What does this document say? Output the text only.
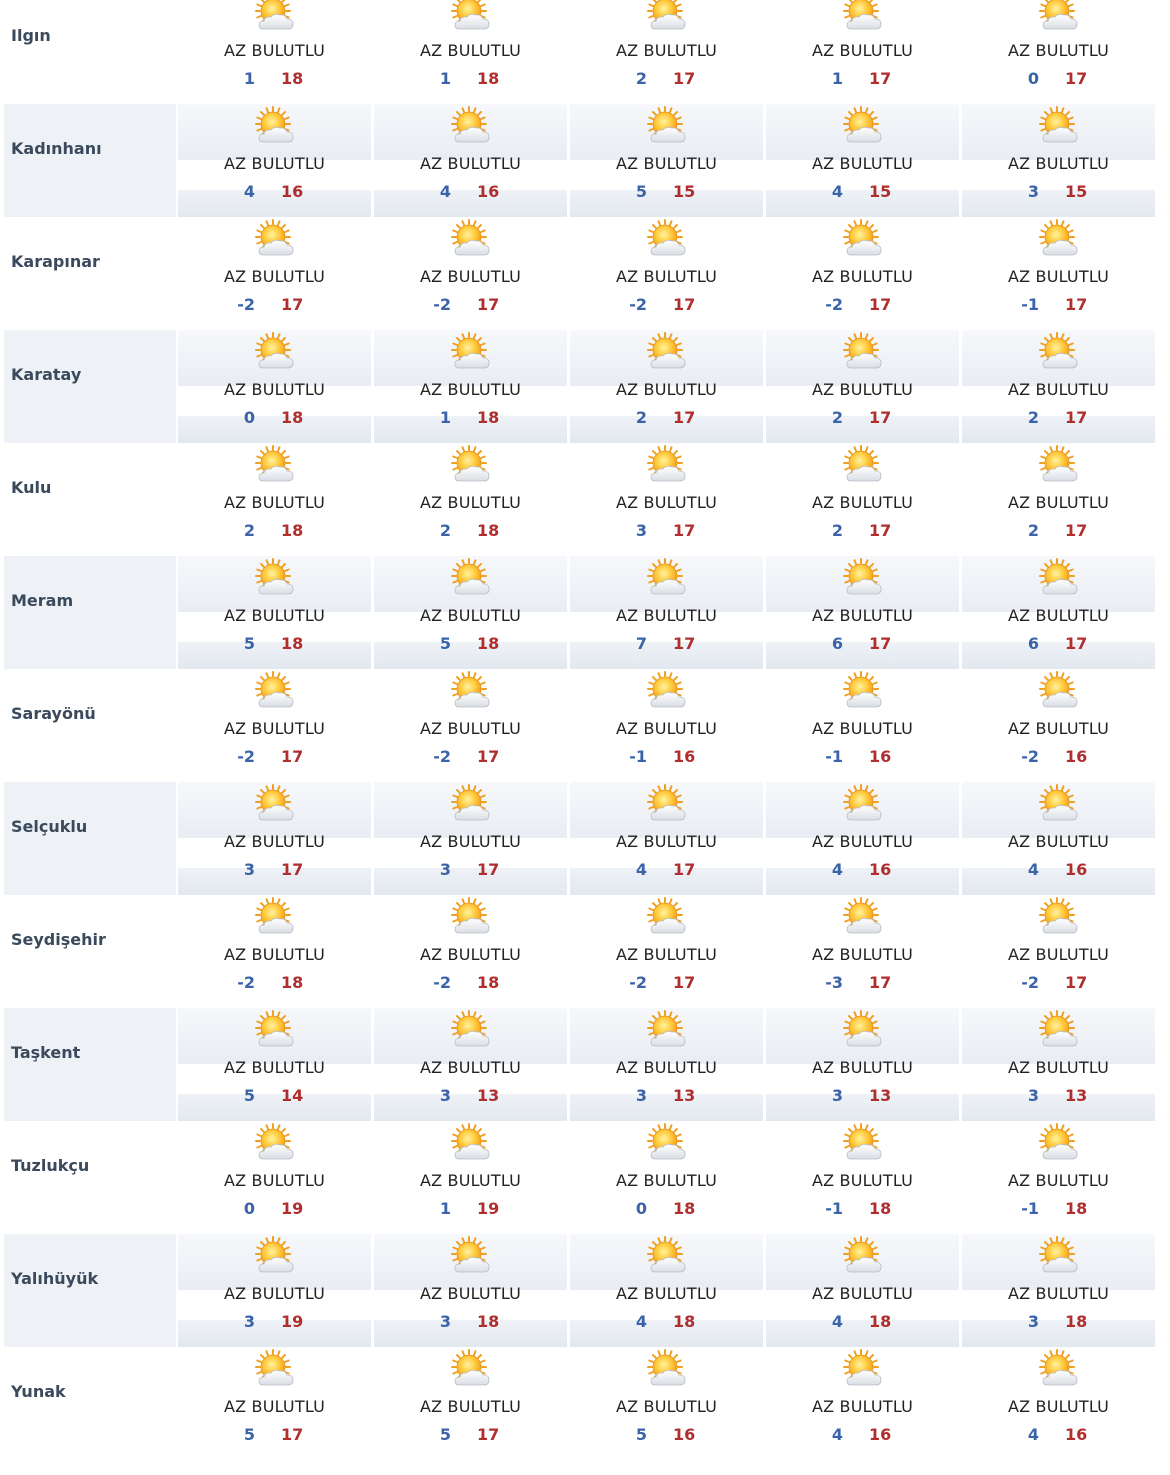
Ilgın
AZ BULUTLU
1 18
AZ BULUTLU
1 18
AZ BULUTLU
2 17
AZ BULUTLU
1 17
AZ BULUTLU
0 17
Kadınhanı
AZ BULUTLU
4 16
AZ BULUTLU
4 16
AZ BULUTLU
5 15
AZ BULUTLU
4 15
AZ BULUTLU
3 15
Karapınar
AZ BULUTLU
-2 17
AZ BULUTLU
-2 17
AZ BULUTLU
-2 17
AZ BULUTLU
-2 17
AZ BULUTLU
-1 17
Karatay
AZ BULUTLU
0 18
AZ BULUTLU
1 18
AZ BULUTLU
2 17
AZ BULUTLU
2 17
AZ BULUTLU
2 17
Kulu
AZ BULUTLU
2 18
AZ BULUTLU
2 18
AZ BULUTLU
3 17
AZ BULUTLU
2 17
AZ BULUTLU
2 17
Meram
AZ BULUTLU
5 18
AZ BULUTLU
5 18
AZ BULUTLU
7 17
AZ BULUTLU
6 17
AZ BULUTLU
6 17
Sarayönü
AZ BULUTLU
-2 17
AZ BULUTLU
-2 17
AZ BULUTLU
-1 16
AZ BULUTLU
-1 16
AZ BULUTLU
-2 16
Selçuklu
AZ BULUTLU
3 17
AZ BULUTLU
3 17
AZ BULUTLU
4 17
AZ BULUTLU
4 16
AZ BULUTLU
4 16
Seydişehir
AZ BULUTLU
-2 18
AZ BULUTLU
-2 18
AZ BULUTLU
-2 17
AZ BULUTLU
-3 17
AZ BULUTLU
-2 17
Taşkent
AZ BULUTLU
5 14
AZ BULUTLU
3 13
AZ BULUTLU
3 13
AZ BULUTLU
3 13
AZ BULUTLU
3 13
Tuzlukçu
AZ BULUTLU
0 19
AZ BULUTLU
1 19
AZ BULUTLU
0 18
AZ BULUTLU
-1 18
AZ BULUTLU
-1 18
Yalıhüyük
AZ BULUTLU
3 19
AZ BULUTLU
3 18
AZ BULUTLU
4 18
AZ BULUTLU
4 18
AZ BULUTLU
3 18
Yunak
AZ BULUTLU
5 17
AZ BULUTLU
5 17
AZ BULUTLU
5 16
AZ BULUTLU
4 16
AZ BULUTLU
4 16
